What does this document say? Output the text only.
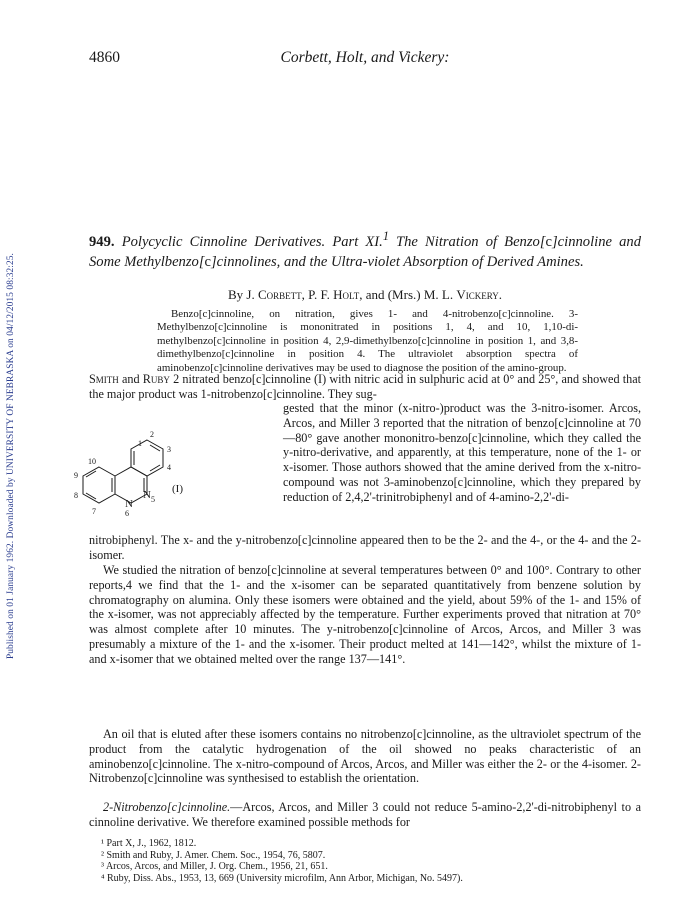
Published on 01 January 1962. Downloaded by UNIVERSITY OF NEBRASKA on 04/12/2015 08:32:25.
4860	Corbett, Holt, and Vickery:
949. Polycyclic Cinnoline Derivatives. Part XI.$^1$ The Nitration of Benzo[c]cinnoline and Some Methylbenzo[c]cinnolines, and the Ultra-violet Absorption of Derived Amines.
By J. Corbett, P. F. Holt, and (Mrs.) M. L. Vickery.

Benzo[c]cinnoline, on nitration, gives 1- and 4-nitrobenzo[c]cinnoline. 3-Methylbenzo[c]cinnoline is mononitrated in positions 1, 4, and 10, 1,10-di-methylbenzo[c]cinnoline in position 4, 2,9-dimethylbenzo[c]cinnoline in position 1, and 3,8-dimethylbenzo[c]cinnoline in position 4. The ultraviolet absorption spectra of aminobenzo[c]cinnoline derivatives may be used to diagnose the position of the amino-group.

Smith and Ruby 2 nitrated benzo[c]cinnoline (I) with nitric acid in sulphuric acid at 0° and 25°, and showed that the major product was 1-nitrobenzo[c]cinnoline. They sug-

gested that the minor (x-nitro-)product was the 3-nitro-isomer. Arcos, Arcos, and Miller 3 reported that the nitration of benzo[c]cinnoline at 70—80° gave another mononitro-benzo[c]cinnoline, which they called the y-nitro-derivative, and apparently, at this temperature, none of the 1- or x-isomer. Those authors showed that the amine derived from the x-nitro-compound was not 3-aminobenzo[c]cinnoline, which they prepared by reduction of 2,4,2'-trinitrobiphenyl and of 4-amino-2,2'-di-

2
1
3
4
10
9
8
7	6
5
N
N
(I)

nitrobiphenyl. The x- and the y-nitrobenzo[c]cinnoline appeared then to be the 2- and the 4-, or the 4- and the 2-isomer.

We studied the nitration of benzo[c]cinnoline at several temperatures between 0° and 100°. Contrary to other reports,4 we find that the 1- and the x-isomer can be separated quantitatively from benzene solution by chromatography on alumina. Only these isomers were obtained and the yield, about 59% of the 1- and 15% of the x-isomer, was not appreciably affected by the temperature. Further experiments proved that nitration at 70° was almost complete after 10 minutes. The y-nitrobenzo[c]cinnoline of Arcos, Arcos, and Miller 3 was presumably a mixture of the 1- and the x-isomer. Their product melted at 141—142°, whilst the mixture of 1- and x-isomer that we obtained melted over the range 137—141°.

An oil that is eluted after these isomers contains no nitrobenzo[c]cinnoline, as the ultraviolet spectrum of the product from the catalytic hydrogenation of the oil showed no peaks characteristic of an aminobenzo[c]cinnoline. The x-nitro-compound of Arcos, Arcos, and Miller was either the 2- or the 4-isomer. 2-Nitrobenzo[c]cinnoline was synthesised to establish the orientation.

2-Nitrobenzo[c]cinnoline.—Arcos, Arcos, and Miller 3 could not reduce 5-amino-2,2'-di-nitrobiphenyl to a cinnoline derivative. We therefore examined possible methods for

¹ Part X, J., 1962, 1812.
² Smith and Ruby, J. Amer. Chem. Soc., 1954, 76, 5807.
³ Arcos, Arcos, and Miller, J. Org. Chem., 1956, 21, 651.
⁴ Ruby, Diss. Abs., 1953, 13, 669 (University microfilm, Ann Arbor, Michigan, No. 5497).
